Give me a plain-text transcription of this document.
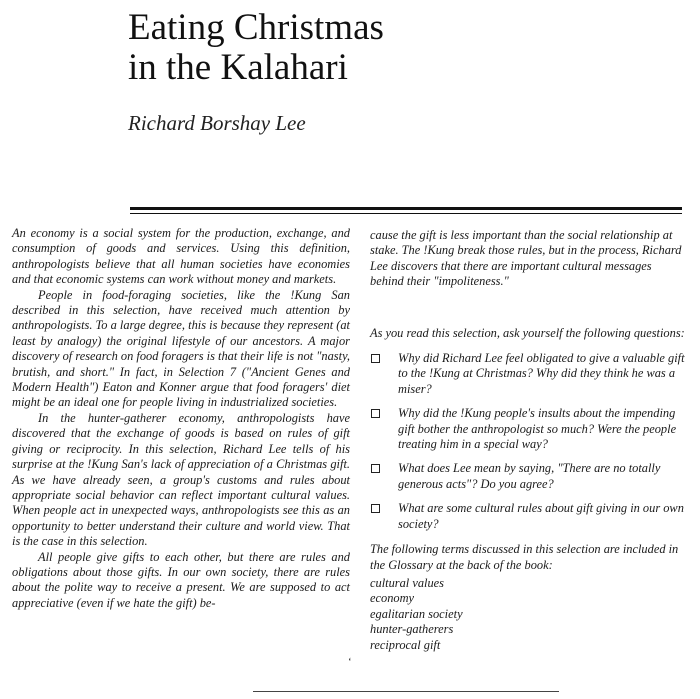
Eating Christmas
in the Kalahari
Richard Borshay Lee

An economy is a social system for the production, exchange, and consumption of goods and services. Using this definition, anthropologists believe that all human societies have economies and that economic systems can work without money and markets.

People in food-foraging societies, like the !Kung San described in this selection, have received much attention by anthropologists. To a large degree, this is because they represent (at least by analogy) the original lifestyle of our ancestors. A major discovery of research on food foragers is that their life is not "nasty, brutish, and short." In fact, in Selection 7 ("Ancient Genes and Modern Health") Eaton and Konner argue that food foragers' diet might be an ideal one for people living in industrialized societies.

In the hunter-gatherer economy, anthropologists have discovered that the exchange of goods is based on rules of gift giving or reciprocity. In this selection, Richard Lee tells of his surprise at the !Kung San's lack of appreciation of a Christmas gift. As we have already seen, a group's customs and rules about appropriate social behavior can reflect important cultural values. When people act in unexpected ways, anthropologists see this as an opportunity to better understand their culture and world view. That is the case in this selection.

All people give gifts to each other, but there are rules and obligations about those gifts. In our own society, there are rules about the polite way to receive a present. We are supposed to act appreciative (even if we hate the gift) be-

ʻ

cause the gift is less important than the social relationship at stake. The !Kung break those rules, but in the process, Richard Lee discovers that there are important cultural messages behind their "impoliteness."

As you read this selection, ask yourself the following questions:

Why did Richard Lee feel obligated to give a valuable gift to the !Kung at Christmas? Why did they think he was a miser?
Why did the !Kung people's insults about the impending gift bother the anthropologist so much? Were the people treating him in a special way?
What does Lee mean by saying, "There are no totally generous acts"? Do you agree?
What are some cultural rules about gift giving in our own society?

The following terms discussed in this selection are included in the Glossary at the back of the book:

cultural values
economy
egalitarian society
hunter-gatherers
reciprocal gift
